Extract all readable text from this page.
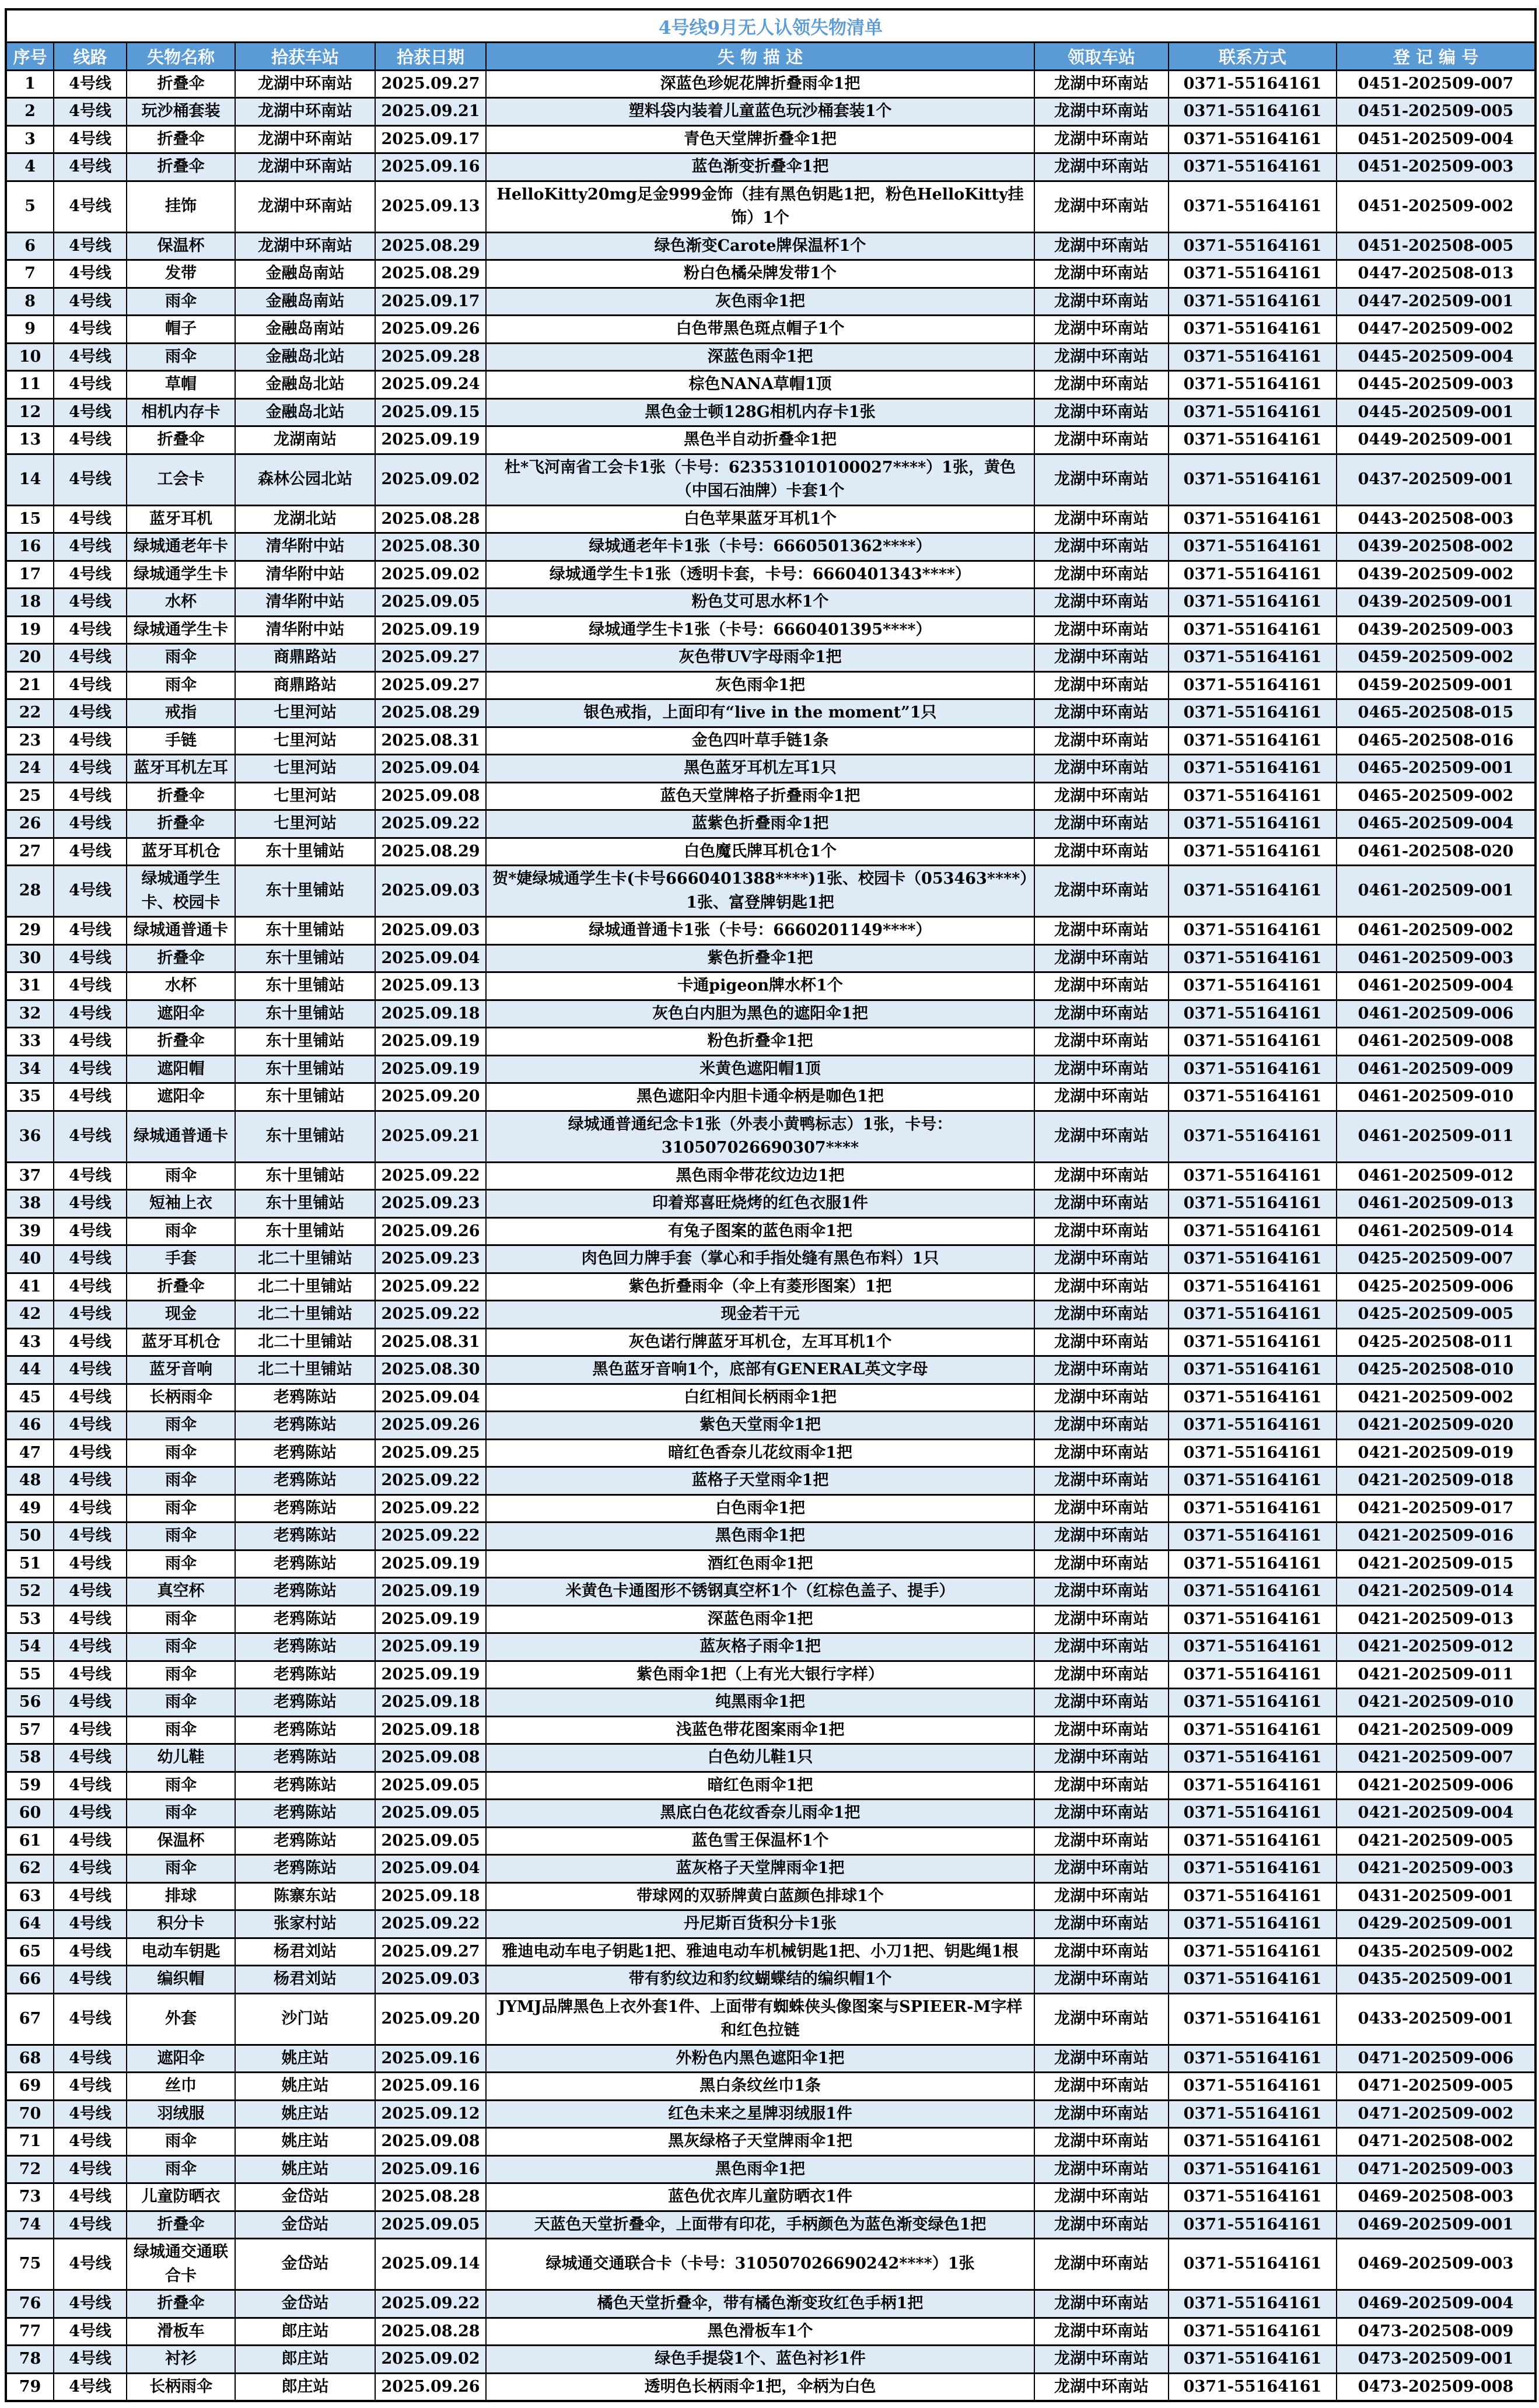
4号线9月无人认领失物清单								
序号	线路	失物名称	拾获车站	拾获日期	失 物 描 述	领取车站	联系方式	登 记 编 号
1	4号线	折叠伞	龙湖中环南站	2025.09.27	深蓝色珍妮花牌折叠雨伞1把	龙湖中环南站	0371-55164161	0451-202509-007
2	4号线	玩沙桶套装	龙湖中环南站	2025.09.21	塑料袋内装着儿童蓝色玩沙桶套装1个	龙湖中环南站	0371-55164161	0451-202509-005
3	4号线	折叠伞	龙湖中环南站	2025.09.17	青色天堂牌折叠伞1把	龙湖中环南站	0371-55164161	0451-202509-004
4	4号线	折叠伞	龙湖中环南站	2025.09.16	蓝色渐变折叠伞1把	龙湖中环南站	0371-55164161	0451-202509-003
5	4号线	挂饰	龙湖中环南站	2025.09.13	HelloKitty20mg足金999金饰（挂有黑色钥匙1把，粉色HelloKitty挂饰）1个	龙湖中环南站	0371-55164161	0451-202509-002
6	4号线	保温杯	龙湖中环南站	2025.08.29	绿色渐变Carote牌保温杯1个	龙湖中环南站	0371-55164161	0451-202508-005
7	4号线	发带	金融岛南站	2025.08.29	粉白色橘朵牌发带1个	龙湖中环南站	0371-55164161	0447-202508-013
8	4号线	雨伞	金融岛南站	2025.09.17	灰色雨伞1把	龙湖中环南站	0371-55164161	0447-202509-001
9	4号线	帽子	金融岛南站	2025.09.26	白色带黑色斑点帽子1个	龙湖中环南站	0371-55164161	0447-202509-002
10	4号线	雨伞	金融岛北站	2025.09.28	深蓝色雨伞1把	龙湖中环南站	0371-55164161	0445-202509-004
11	4号线	草帽	金融岛北站	2025.09.24	棕色NANA草帽1顶	龙湖中环南站	0371-55164161	0445-202509-003
12	4号线	相机内存卡	金融岛北站	2025.09.15	黑色金士顿128G相机内存卡1张	龙湖中环南站	0371-55164161	0445-202509-001
13	4号线	折叠伞	龙湖南站	2025.09.19	黑色半自动折叠伞1把	龙湖中环南站	0371-55164161	0449-202509-001
14	4号线	工会卡	森林公园北站	2025.09.02	杜*飞河南省工会卡1张（卡号：623531010100027****）1张，黄色（中国石油牌）卡套1个	龙湖中环南站	0371-55164161	0437-202509-001
15	4号线	蓝牙耳机	龙湖北站	2025.08.28	白色苹果蓝牙耳机1个	龙湖中环南站	0371-55164161	0443-202508-003
16	4号线	绿城通老年卡	清华附中站	2025.08.30	绿城通老年卡1张（卡号：6660501362****）	龙湖中环南站	0371-55164161	0439-202508-002
17	4号线	绿城通学生卡	清华附中站	2025.09.02	绿城通学生卡1张（透明卡套，卡号：6660401343****）	龙湖中环南站	0371-55164161	0439-202509-002
18	4号线	水杯	清华附中站	2025.09.05	粉色艾可思水杯1个	龙湖中环南站	0371-55164161	0439-202509-001
19	4号线	绿城通学生卡	清华附中站	2025.09.19	绿城通学生卡1张（卡号：6660401395****）	龙湖中环南站	0371-55164161	0439-202509-003
20	4号线	雨伞	商鼎路站	2025.09.27	灰色带UV字母雨伞1把	龙湖中环南站	0371-55164161	0459-202509-002
21	4号线	雨伞	商鼎路站	2025.09.27	灰色雨伞1把	龙湖中环南站	0371-55164161	0459-202509-001
22	4号线	戒指	七里河站	2025.08.29	银色戒指，上面印有“live in the moment”1只	龙湖中环南站	0371-55164161	0465-202508-015
23	4号线	手链	七里河站	2025.08.31	金色四叶草手链1条	龙湖中环南站	0371-55164161	0465-202508-016
24	4号线	蓝牙耳机左耳	七里河站	2025.09.04	黑色蓝牙耳机左耳1只	龙湖中环南站	0371-55164161	0465-202509-001
25	4号线	折叠伞	七里河站	2025.09.08	蓝色天堂牌格子折叠雨伞1把	龙湖中环南站	0371-55164161	0465-202509-002
26	4号线	折叠伞	七里河站	2025.09.22	蓝紫色折叠雨伞1把	龙湖中环南站	0371-55164161	0465-202509-004
27	4号线	蓝牙耳机仓	东十里铺站	2025.08.29	白色魔氏牌耳机仓1个	龙湖中环南站	0371-55164161	0461-202508-020
28	4号线	绿城通学生卡、校园卡	东十里铺站	2025.09.03	贺*婕绿城通学生卡(卡号6660401388****)1张、校园卡（053463****）1张、富登牌钥匙1把	龙湖中环南站	0371-55164161	0461-202509-001
29	4号线	绿城通普通卡	东十里铺站	2025.09.03	绿城通普通卡1张（卡号：6660201149****）	龙湖中环南站	0371-55164161	0461-202509-002
30	4号线	折叠伞	东十里铺站	2025.09.04	紫色折叠伞1把	龙湖中环南站	0371-55164161	0461-202509-003
31	4号线	水杯	东十里铺站	2025.09.13	卡通pigeon牌水杯1个	龙湖中环南站	0371-55164161	0461-202509-004
32	4号线	遮阳伞	东十里铺站	2025.09.18	灰色白内胆为黑色的遮阳伞1把	龙湖中环南站	0371-55164161	0461-202509-006
33	4号线	折叠伞	东十里铺站	2025.09.19	粉色折叠伞1把	龙湖中环南站	0371-55164161	0461-202509-008
34	4号线	遮阳帽	东十里铺站	2025.09.19	米黄色遮阳帽1顶	龙湖中环南站	0371-55164161	0461-202509-009
35	4号线	遮阳伞	东十里铺站	2025.09.20	黑色遮阳伞内胆卡通伞柄是咖色1把	龙湖中环南站	0371-55164161	0461-202509-010
36	4号线	绿城通普通卡	东十里铺站	2025.09.21	绿城通普通纪念卡1张（外表小黄鸭标志）1张，卡号：310507026690307****	龙湖中环南站	0371-55164161	0461-202509-011
37	4号线	雨伞	东十里铺站	2025.09.22	黑色雨伞带花纹边边1把	龙湖中环南站	0371-55164161	0461-202509-012
38	4号线	短袖上衣	东十里铺站	2025.09.23	印着郑喜旺烧烤的红色衣服1件	龙湖中环南站	0371-55164161	0461-202509-013
39	4号线	雨伞	东十里铺站	2025.09.26	有兔子图案的蓝色雨伞1把	龙湖中环南站	0371-55164161	0461-202509-014
40	4号线	手套	北二十里铺站	2025.09.23	肉色回力牌手套（掌心和手指处缝有黑色布料）1只	龙湖中环南站	0371-55164161	0425-202509-007
41	4号线	折叠伞	北二十里铺站	2025.09.22	紫色折叠雨伞（伞上有菱形图案）1把	龙湖中环南站	0371-55164161	0425-202509-006
42	4号线	现金	北二十里铺站	2025.09.22	现金若干元	龙湖中环南站	0371-55164161	0425-202509-005
43	4号线	蓝牙耳机仓	北二十里铺站	2025.08.31	灰色诺行牌蓝牙耳机仓，左耳耳机1个	龙湖中环南站	0371-55164161	0425-202508-011
44	4号线	蓝牙音响	北二十里铺站	2025.08.30	黑色蓝牙音响1个，底部有GENERAL英文字母	龙湖中环南站	0371-55164161	0425-202508-010
45	4号线	长柄雨伞	老鸦陈站	2025.09.04	白红相间长柄雨伞1把	龙湖中环南站	0371-55164161	0421-202509-002
46	4号线	雨伞	老鸦陈站	2025.09.26	紫色天堂雨伞1把	龙湖中环南站	0371-55164161	0421-202509-020
47	4号线	雨伞	老鸦陈站	2025.09.25	暗红色香奈儿花纹雨伞1把	龙湖中环南站	0371-55164161	0421-202509-019
48	4号线	雨伞	老鸦陈站	2025.09.22	蓝格子天堂雨伞1把	龙湖中环南站	0371-55164161	0421-202509-018
49	4号线	雨伞	老鸦陈站	2025.09.22	白色雨伞1把	龙湖中环南站	0371-55164161	0421-202509-017
50	4号线	雨伞	老鸦陈站	2025.09.22	黑色雨伞1把	龙湖中环南站	0371-55164161	0421-202509-016
51	4号线	雨伞	老鸦陈站	2025.09.19	酒红色雨伞1把	龙湖中环南站	0371-55164161	0421-202509-015
52	4号线	真空杯	老鸦陈站	2025.09.19	米黄色卡通图形不锈钢真空杯1个（红棕色盖子、提手）	龙湖中环南站	0371-55164161	0421-202509-014
53	4号线	雨伞	老鸦陈站	2025.09.19	深蓝色雨伞1把	龙湖中环南站	0371-55164161	0421-202509-013
54	4号线	雨伞	老鸦陈站	2025.09.19	蓝灰格子雨伞1把	龙湖中环南站	0371-55164161	0421-202509-012
55	4号线	雨伞	老鸦陈站	2025.09.19	紫色雨伞1把（上有光大银行字样）	龙湖中环南站	0371-55164161	0421-202509-011
56	4号线	雨伞	老鸦陈站	2025.09.18	纯黑雨伞1把	龙湖中环南站	0371-55164161	0421-202509-010
57	4号线	雨伞	老鸦陈站	2025.09.18	浅蓝色带花图案雨伞1把	龙湖中环南站	0371-55164161	0421-202509-009
58	4号线	幼儿鞋	老鸦陈站	2025.09.08	白色幼儿鞋1只	龙湖中环南站	0371-55164161	0421-202509-007
59	4号线	雨伞	老鸦陈站	2025.09.05	暗红色雨伞1把	龙湖中环南站	0371-55164161	0421-202509-006
60	4号线	雨伞	老鸦陈站	2025.09.05	黑底白色花纹香奈儿雨伞1把	龙湖中环南站	0371-55164161	0421-202509-004
61	4号线	保温杯	老鸦陈站	2025.09.05	蓝色雪王保温杯1个	龙湖中环南站	0371-55164161	0421-202509-005
62	4号线	雨伞	老鸦陈站	2025.09.04	蓝灰格子天堂牌雨伞1把	龙湖中环南站	0371-55164161	0421-202509-003
63	4号线	排球	陈寨东站	2025.09.18	带球网的双骄牌黄白蓝颜色排球1个	龙湖中环南站	0371-55164161	0431-202509-001
64	4号线	积分卡	张家村站	2025.09.22	丹尼斯百货积分卡1张	龙湖中环南站	0371-55164161	0429-202509-001
65	4号线	电动车钥匙	杨君刘站	2025.09.27	雅迪电动车电子钥匙1把、雅迪电动车机械钥匙1把、小刀1把、钥匙绳1根	龙湖中环南站	0371-55164161	0435-202509-002
66	4号线	编织帽	杨君刘站	2025.09.03	带有豹纹边和豹纹蝴蝶结的编织帽1个	龙湖中环南站	0371-55164161	0435-202509-001
67	4号线	外套	沙门站	2025.09.20	JYMJ品牌黑色上衣外套1件、上面带有蜘蛛侠头像图案与SPIEER-M字样和红色拉链	龙湖中环南站	0371-55164161	0433-202509-001
68	4号线	遮阳伞	姚庄站	2025.09.16	外粉色内黑色遮阳伞1把	龙湖中环南站	0371-55164161	0471-202509-006
69	4号线	丝巾	姚庄站	2025.09.16	黑白条纹丝巾1条	龙湖中环南站	0371-55164161	0471-202509-005
70	4号线	羽绒服	姚庄站	2025.09.12	红色未来之星牌羽绒服1件	龙湖中环南站	0371-55164161	0471-202509-002
71	4号线	雨伞	姚庄站	2025.09.08	黑灰绿格子天堂牌雨伞1把	龙湖中环南站	0371-55164161	0471-202508-002
72	4号线	雨伞	姚庄站	2025.09.16	黑色雨伞1把	龙湖中环南站	0371-55164161	0471-202509-003
73	4号线	儿童防晒衣	金岱站	2025.08.28	蓝色优衣库儿童防晒衣1件	龙湖中环南站	0371-55164161	0469-202508-003
74	4号线	折叠伞	金岱站	2025.09.05	天蓝色天堂折叠伞，上面带有印花，手柄颜色为蓝色渐变绿色1把	龙湖中环南站	0371-55164161	0469-202509-001
75	4号线	绿城通交通联合卡	金岱站	2025.09.14	绿城通交通联合卡（卡号：310507026690242****）1张	龙湖中环南站	0371-55164161	0469-202509-003
76	4号线	折叠伞	金岱站	2025.09.22	橘色天堂折叠伞，带有橘色渐变玫红色手柄1把	龙湖中环南站	0371-55164161	0469-202509-004
77	4号线	滑板车	郎庄站	2025.08.28	黑色滑板车1个	龙湖中环南站	0371-55164161	0473-202508-009
78	4号线	衬衫	郎庄站	2025.09.02	绿色手提袋1个、蓝色衬衫1件	龙湖中环南站	0371-55164161	0473-202509-001
79	4号线	长柄雨伞	郎庄站	2025.09.26	透明色长柄雨伞1把，伞柄为白色	龙湖中环南站	0371-55164161	0473-202509-008
